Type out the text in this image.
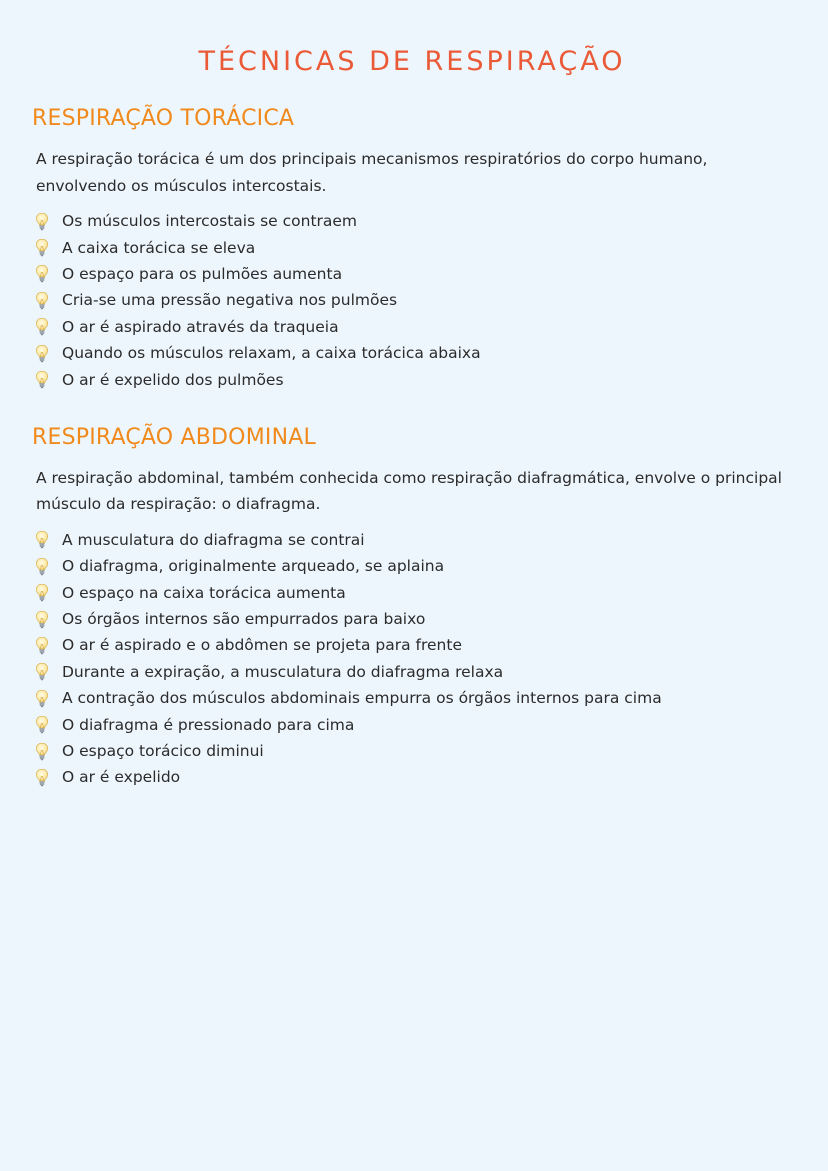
TÉCNICAS DE RESPIRAÇÃO
RESPIRAÇÃO TORÁCICA

A respiração torácica é um dos principais mecanismos respiratórios do corpo humano, envolvendo os músculos intercostais.

Os músculos intercostais se contraem
A caixa torácica se eleva
O espaço para os pulmões aumenta
Cria-se uma pressão negativa nos pulmões
O ar é aspirado através da traqueia
Quando os músculos relaxam, a caixa torácica abaixa
O ar é expelido dos pulmões
RESPIRAÇÃO ABDOMINAL

A respiração abdominal, também conhecida como respiração diafragmática, envolve o principal músculo da respiração: o diafragma.

A musculatura do diafragma se contrai
O diafragma, originalmente arqueado, se aplaina
O espaço na caixa torácica aumenta
Os órgãos internos são empurrados para baixo
O ar é aspirado e o abdômen se projeta para frente
Durante a expiração, a musculatura do diafragma relaxa
A contração dos músculos abdominais empurra os órgãos internos para cima
O diafragma é pressionado para cima
O espaço torácico diminui
O ar é expelido
